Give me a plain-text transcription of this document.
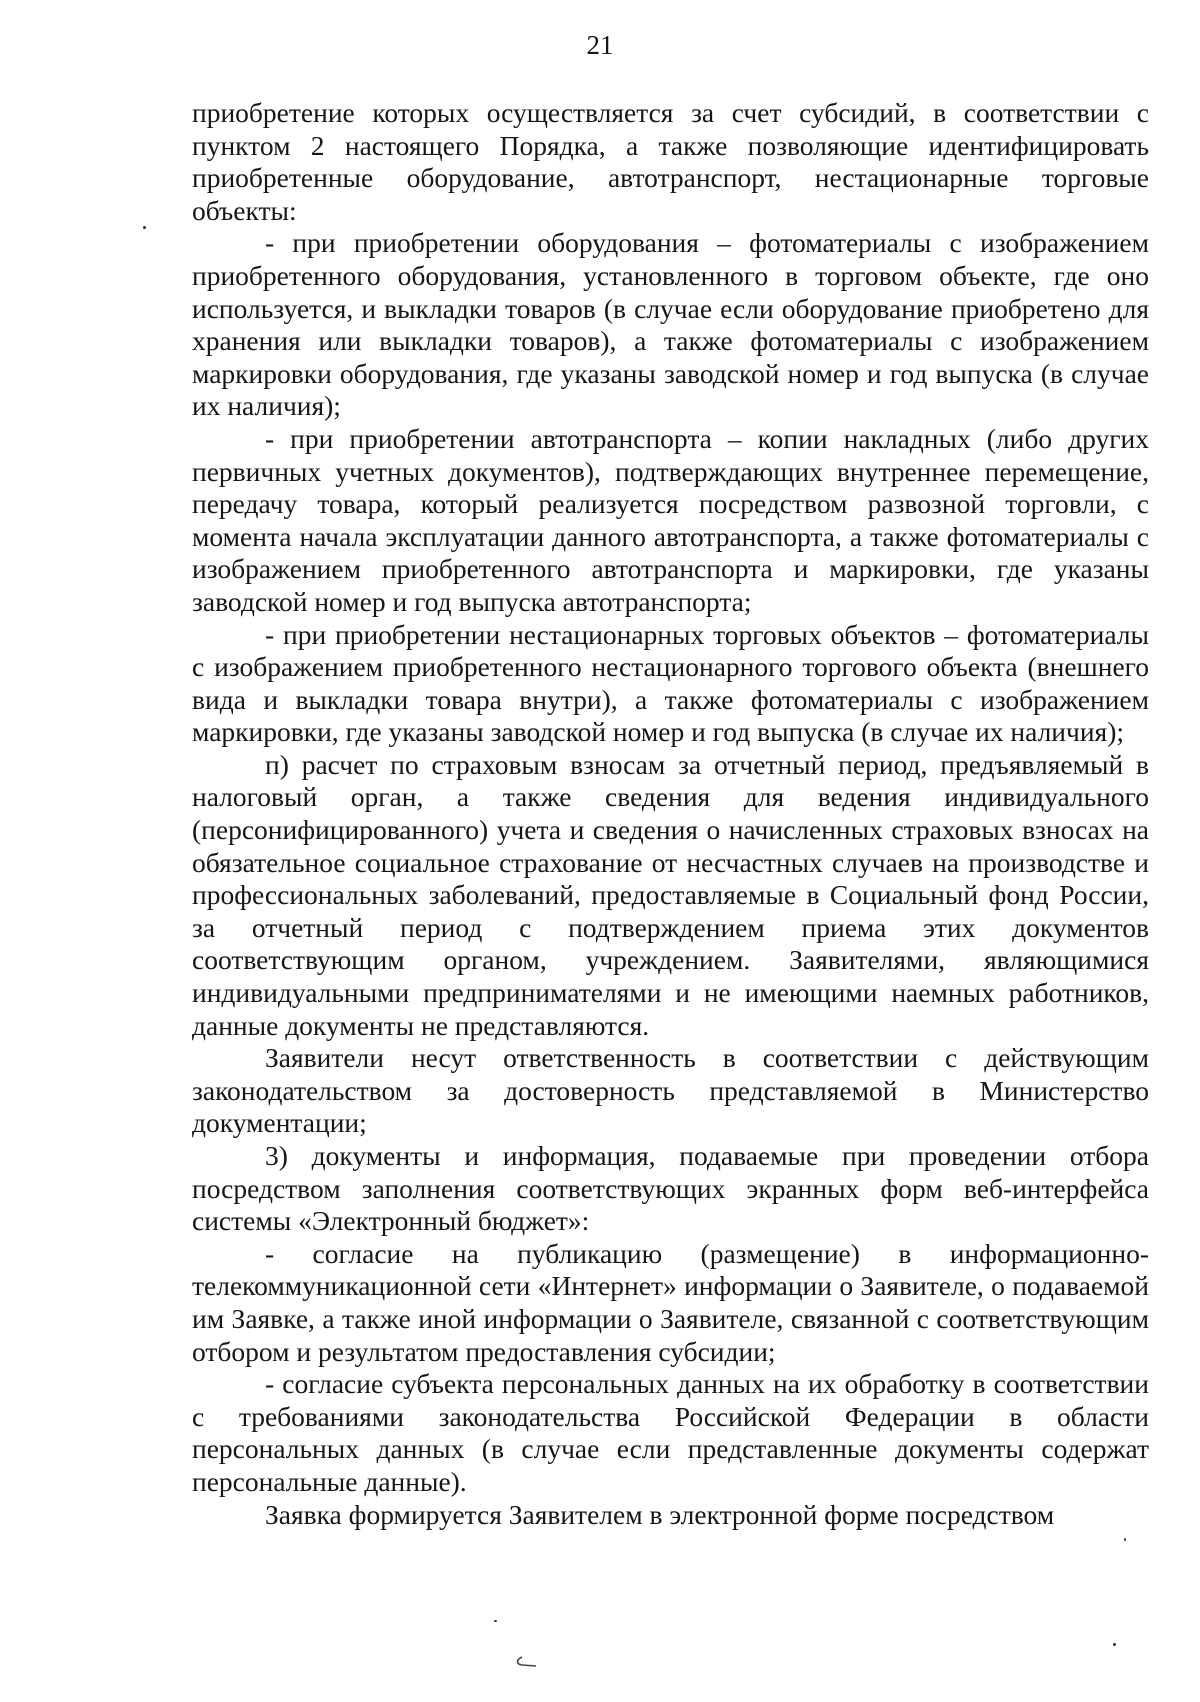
21

приобретение которых осуществляется за счет субсидий, в соответствии с пунктом 2 настоящего Порядка, а также позволяющие идентифицировать приобретенные оборудование, автотранспорт, нестационарные торговые объекты:

- при приобретении оборудования – фотоматериалы с изображением приобретенного оборудования, установленного в торговом объекте, где оно используется, и выкладки товаров (в случае если оборудование приобретено для хранения или выкладки товаров), а также фотоматериалы с изображением маркировки оборудования, где указаны заводской номер и год выпуска (в случае их наличия);

- при приобретении автотранспорта – копии накладных (либо других первичных учетных документов), подтверждающих внутреннее перемещение, передачу товара, который реализуется посредством развозной торговли, с момента начала эксплуатации данного автотранспорта, а также фотоматериалы с изображением приобретенного автотранспорта и маркировки, где указаны заводской номер и год выпуска автотранспорта;

- при приобретении нестационарных торговых объектов – фотоматериалы с изображением приобретенного нестационарного торгового объекта (внешнего вида и выкладки товара внутри), а также фотоматериалы с изображением маркировки, где указаны заводской номер и год выпуска (в случае их наличия);

п) расчет по страховым взносам за отчетный период, предъявляемый в налоговый орган, а также сведения для ведения индивидуального (персонифицированного) учета и сведения о начисленных страховых взносах на обязательное социальное страхование от несчастных случаев на производстве и профессиональных заболеваний, предоставляемые в Социальный фонд России, за отчетный период с подтверждением приема этих документов соответствующим органом, учреждением. Заявителями, являющимися индивидуальными предпринимателями и не имеющими наемных работников, данные документы не представляются.

Заявители несут ответственность в соответствии с действующим законодательством за достоверность представляемой в Министерство документации;

3) документы и информация, подаваемые при проведении отбора посредством заполнения соответствующих экранных форм веб-интерфейса системы «Электронный бюджет»:

- согласие на публикацию (размещение) в информационно-телекоммуникационной сети «Интернет» информации о Заявителе, о подаваемой им Заявке, а также иной информации о Заявителе, связанной с соответствующим отбором и результатом предоставления субсидии;

- согласие субъекта персональных данных на их обработку в соответствии с требованиями законодательства Российской Федерации в области персональных данных (в случае если представленные документы содержат персональные данные).

Заявка формируется Заявителем в электронной форме посредством
